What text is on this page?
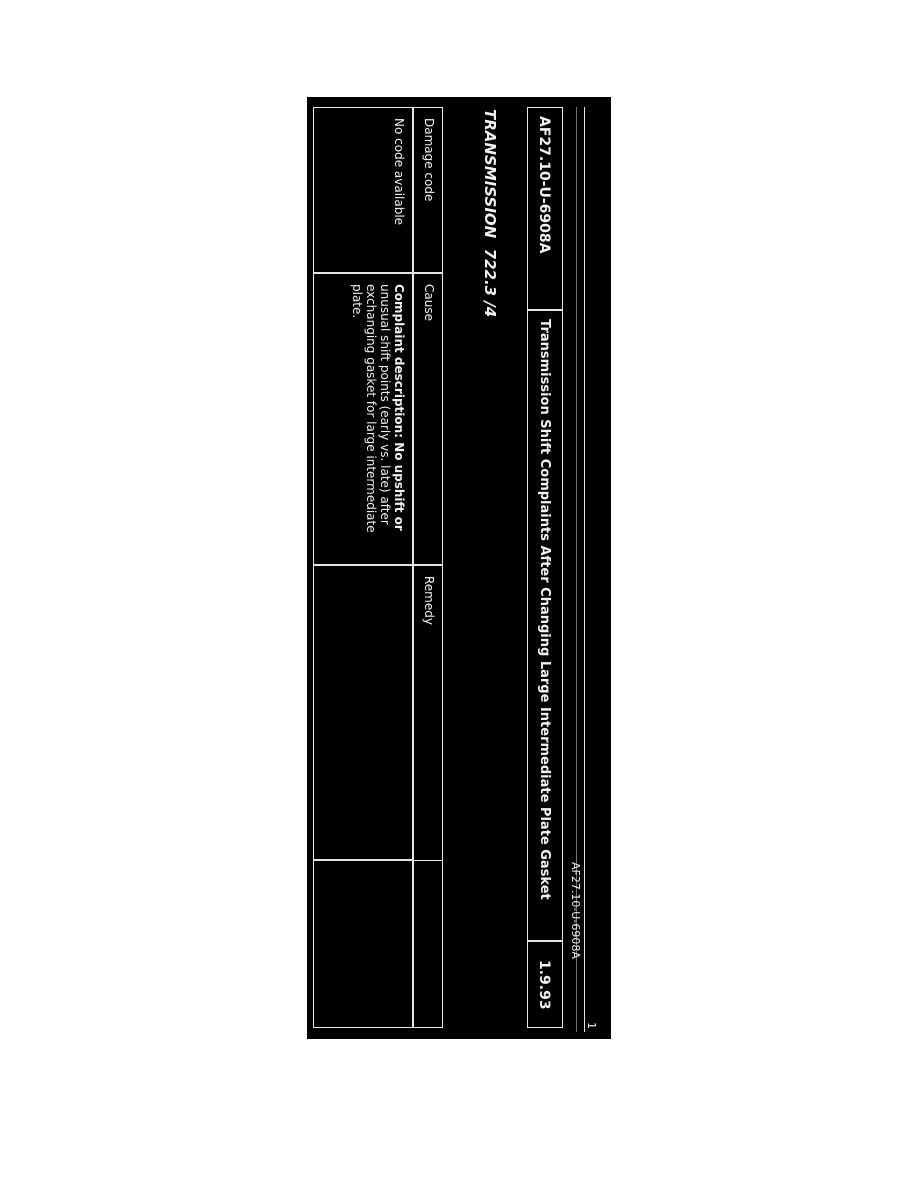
AF27.10-U-6908A
1
AF27.10-U-6908A
Transmission Shift Complaints After Changing Large Intermediate Plate Gasket
1.9.93
TRANSMISSION  722.3 /4
Damage code
Cause
Remedy
No code available
Complaint description: No upshift or
unusual shift points (early vs. late) after
exchanging gasket for large intermediate
plate.
